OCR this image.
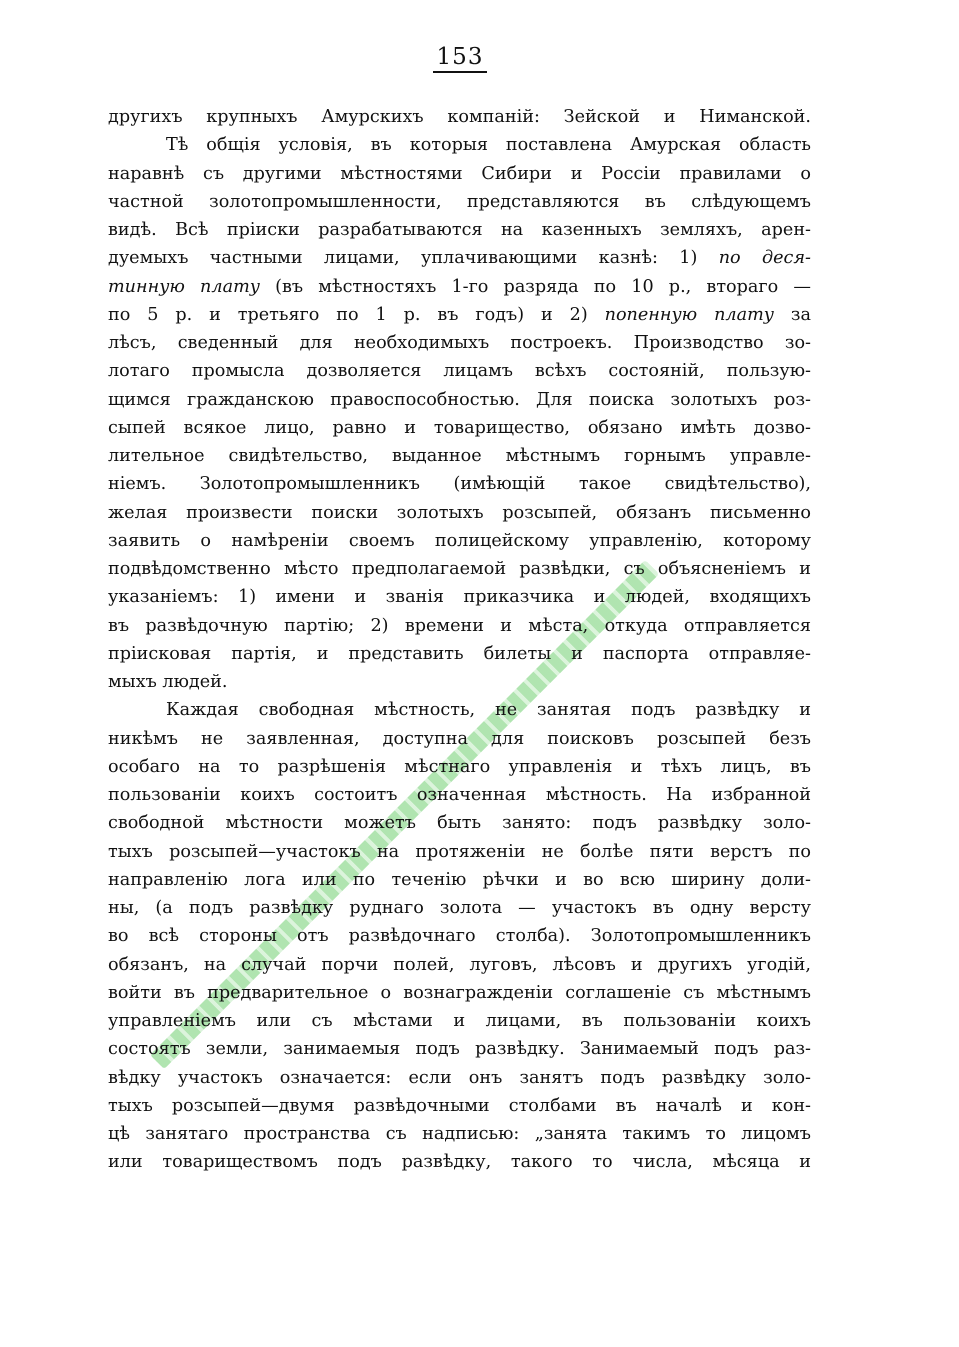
153
другихъ крупныхъ Амурскихъ компаній: Зейской и Ниманской.
Тѣ общія условія, въ которыя поставлена Амурская область
наравнѣ съ другими мѣстностями Сибири и Россіи правилами о
частной золотопромышленности, представляются въ слѣдующемъ
видѣ. Всѣ пріиски разрабатываются на казенныхъ земляхъ, арен-
дуемыхъ частными лицами, уплачивающими казнѣ: 1) по деся-
тинную плату (въ мѣстностяхъ 1-го разряда по 10 р., втораго —
по 5 р. и третьяго по 1 р. въ годъ) и 2) попенную плату за
лѣсъ, сведенный для необходимыхъ построекъ. Производство зо-
лотаго промысла дозволяется лицамъ всѣхъ состояній, пользую-
щимся гражданскою правоспособностью. Для поиска золотыхъ роз-
сыпей всякое лицо, равно и товарищество, обязано имѣть дозво-
лительное свидѣтельство, выданное мѣстнымъ горнымъ управле-
ніемъ. Золотопромышленникъ (имѣющій такое свидѣтельство),
желая произвести поиски золотыхъ розсыпей, обязанъ письменно
заявить о намѣреніи своемъ полицейскому управленію, которому
подвѣдомственно мѣсто предполагаемой развѣдки, съ объясненіемъ и
указаніемъ: 1) имени и званія приказчика и людей, входящихъ
въ развѣдочную партію; 2) времени и мѣста, откуда отправляется
пріисковая партія, и представить билеты и паспорта отправляе-
мыхъ людей.
Каждая свободная мѣстность, не занятая подъ развѣдку и
никѣмъ не заявленная, доступна для поисковъ розсыпей безъ
особаго на то разрѣшенія мѣстнаго управленія и тѣхъ лицъ, въ
пользованіи коихъ состоитъ означенная мѣстность. На избранной
свободной мѣстности можетъ быть занято: подъ развѣдку золо-
тыхъ розсыпей—участокъ на протяженіи не болѣе пяти верстъ по
направленію лога или по теченію рѣчки и во всю ширину доли-
ны, (а подъ развѣдку руднаго золота — участокъ въ одну версту
во всѣ стороны отъ развѣдочнаго столба). Золотопромышленникъ
обязанъ, на случай порчи полей, луговъ, лѣсовъ и другихъ угодій,
войти въ предварительное о вознагражденіи соглашеніе съ мѣстнымъ
управленіемъ или съ мѣстами и лицами, въ пользованіи коихъ
состоятъ земли, занимаемыя подъ развѣдку. Занимаемый подъ раз-
вѣдку участокъ означается: если онъ занятъ подъ развѣдку золо-
тыхъ розсыпей—двумя развѣдочными столбами въ началѣ и кон-
цѣ занятаго пространства съ надписью: „занята такимъ то лицомъ
или товариществомъ подъ развѣдку, такого то числа, мѣсяца и
